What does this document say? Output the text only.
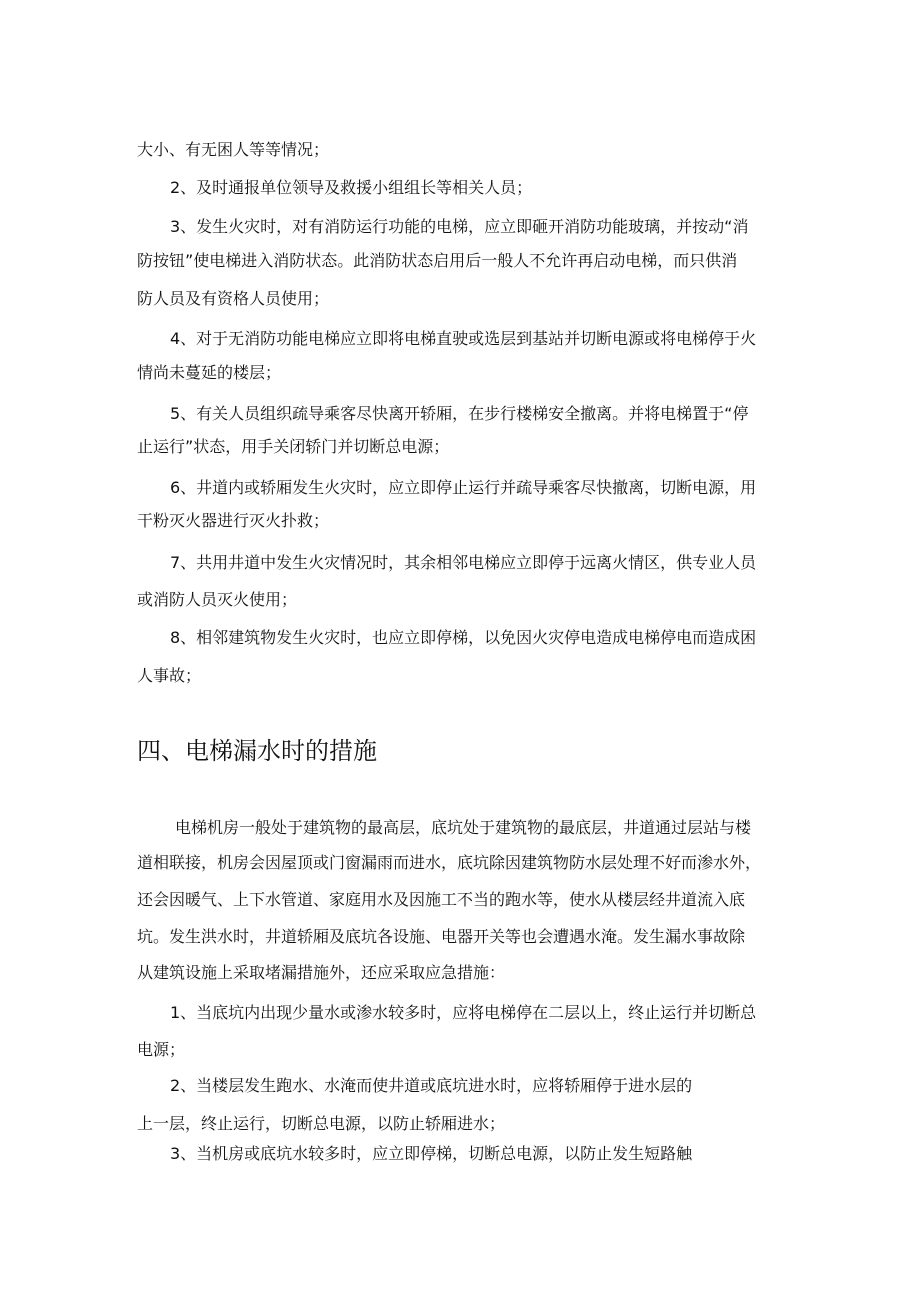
大小、有无困人等等情况；
2、及时通报单位领导及救援小组组长等相关人员；
3、发生火灾时，对有消防运行功能的电梯，应立即砸开消防功能玻璃，并按动“消
防按钮”使电梯进入消防状态。此消防状态启用后一般人不允许再启动电梯，而只供消
防人员及有资格人员使用；
4、对于无消防功能电梯应立即将电梯直驶或选层到基站并切断电源或将电梯停于火
情尚未蔓延的楼层；
5、有关人员组织疏导乘客尽快离开轿厢，在步行楼梯安全撤离。并将电梯置于“停
止运行”状态，用手关闭轿门并切断总电源；
6、井道内或轿厢发生火灾时，应立即停止运行并疏导乘客尽快撤离，切断电源，用
干粉灭火器进行灭火扑救；
7、共用井道中发生火灾情况时，其余相邻电梯应立即停于远离火情区，供专业人员
或消防人员灭火使用；
8、相邻建筑物发生火灾时，也应立即停梯，以免因火灾停电造成电梯停电而造成困
人事故；
四、电梯漏水时的措施
电梯机房一般处于建筑物的最高层，底坑处于建筑物的最底层，井道通过层站与楼
道相联接，机房会因屋顶或门窗漏雨而进水，底坑除因建筑物防水层处理不好而渗水外，
还会因暖气、上下水管道、家庭用水及因施工不当的跑水等，使水从楼层经井道流入底
坑。发生洪水时，井道轿厢及底坑各设施、电器开关等也会遭遇水淹。发生漏水事故除
从建筑设施上采取堵漏措施外，还应采取应急措施：
1、当底坑内出现少量水或渗水较多时，应将电梯停在二层以上，终止运行并切断总
电源；
2、当楼层发生跑水、水淹而使井道或底坑进水时，应将轿厢停于进水层的
上一层，终止运行，切断总电源，以防止轿厢进水；
3、当机房或底坑水较多时，应立即停梯，切断总电源，以防止发生短路触
